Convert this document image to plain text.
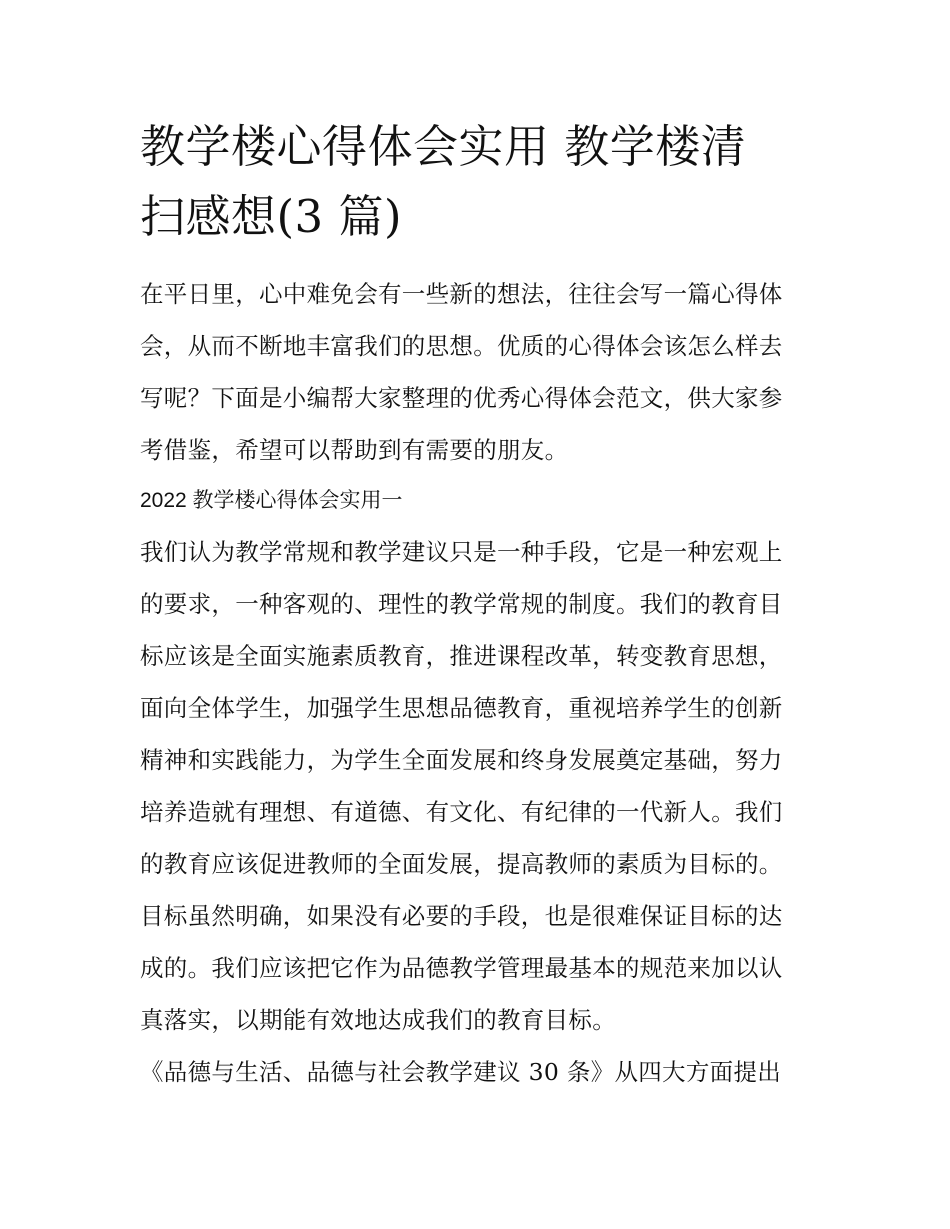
教学楼心得体会实用 教学楼清
扫感想(3 篇)

在平日里，心中难免会有一些新的想法，往往会写一篇心得体
会，从而不断地丰富我们的思想。优质的心得体会该怎么样去
写呢？下面是小编帮大家整理的优秀心得体会范文，供大家参
考借鉴，希望可以帮助到有需要的朋友。

2022 教学楼心得体会实用一

我们认为教学常规和教学建议只是一种手段，它是一种宏观上
的要求，一种客观的、理性的教学常规的制度。我们的教育目
标应该是全面实施素质教育，推进课程改革，转变教育思想，
面向全体学生，加强学生思想品德教育，重视培养学生的创新
精神和实践能力，为学生全面发展和终身发展奠定基础，努力
培养造就有理想、有道德、有文化、有纪律的一代新人。我们
的教育应该促进教师的全面发展，提高教师的素质为目标的。
目标虽然明确，如果没有必要的手段，也是很难保证目标的达
成的。我们应该把它作为品德教学管理最基本的规范来加以认
真落实，以期能有效地达成我们的教育目标。

《品德与生活、品德与社会教学建议 30 条》从四大方面提出
